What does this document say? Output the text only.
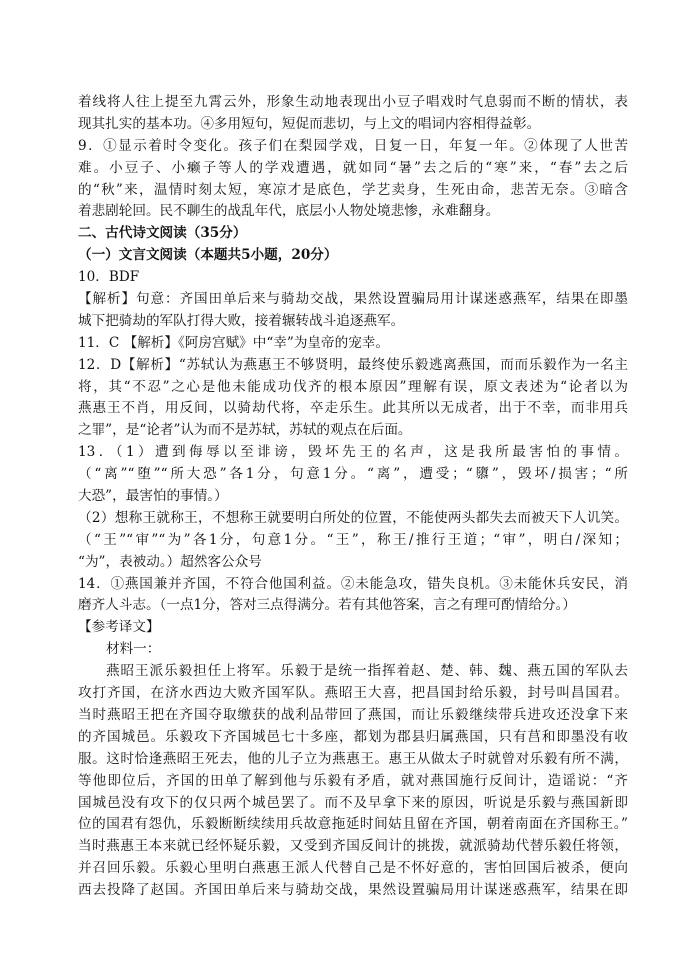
着线将人往上提至九霄云外，形象生动地表现出小豆子唱戏时气息弱而不断的情状，表
现其扎实的基本功。④多用短句，短促而悲切，与上文的唱词内容相得益彰。
9．①显示着时令变化。孩子们在梨园学戏，日复一日，年复一年。②体现了人世苦
难。小豆子、小癞子等人的学戏遭遇，就如同“暑”去之后的“寒”来，“春”去之后
的“秋”来，温情时刻太短，寒凉才是底色，学艺卖身，生死由命，悲苦无奈。③暗含
着悲剧轮回。民不聊生的战乱年代，底层小人物处境悲惨，永难翻身。
二、古代诗文阅读（35分）
（一）文言文阅读（本题共5小题，20分）
10．BDF
【解析】句意：齐国田单后来与骑劫交战，果然设置骗局用计谋迷惑燕军，结果在即墨
城下把骑劫的军队打得大败，接着辗转战斗追逐燕军。
11．C 【解析】《阿房宫赋》中“幸”为皇帝的宠幸。
12．D【解析】“苏轼认为燕惠王不够贤明，最终使乐毅逃离燕国，而而乐毅作为一名主
将，其“不忍”之心是他未能成功伐齐的根本原因”理解有误，原文表述为“论者以为
燕惠王不肖，用反间，以骑劫代将，卒走乐生。此其所以无成者，出于不幸，而非用兵
之罪”，是“论者”认为而不是苏轼，苏轼的观点在后面。
13．（1）遭到侮辱以至诽谤，毁坏先王的名声，这是我所最害怕的事情。
（“离”“堕”“所大恐”各1分，句意1分。“离”，遭受；“隳”，毁坏/损害；“所
大恐”，最害怕的事情。）
（2）想称王就称王，不想称王就要明白所处的位置，不能使两头都失去而被天下人讥笑。
（“王”“审”“为”各1分，句意1分。“王”，称王/推行王道；“审”，明白/深知；
“为”，表被动。）超然客公众号
14．①燕国兼并齐国，不符合他国利益。②未能急攻，错失良机。③未能休兵安民，消
磨齐人斗志。（一点1分，答对三点得满分。若有其他答案，言之有理可酌情给分。）
【参考译文】
材料一：
燕昭王派乐毅担任上将军。乐毅于是统一指挥着赵、楚、韩、魏、燕五国的军队去
攻打齐国，在济水西边大败齐国军队。燕昭王大喜，把昌国封给乐毅，封号叫昌国君。
当时燕昭王把在齐国夺取缴获的战利品带回了燕国，而让乐毅继续带兵进攻还没拿下来
的齐国城邑。乐毅攻下齐国城邑七十多座，都划为郡县归属燕国，只有莒和即墨没有收
服。这时恰逢燕昭王死去，他的儿子立为燕惠王。惠王从做太子时就曾对乐毅有所不满，
等他即位后，齐国的田单了解到他与乐毅有矛盾，就对燕国施行反间计，造谣说：“齐
国城邑没有攻下的仅只两个城邑罢了。而不及早拿下来的原因，听说是乐毅与燕国新即
位的国君有怨仇，乐毅断断续续用兵故意拖延时间姑且留在齐国，朝着南面在齐国称王。”
当时燕惠王本来就已经怀疑乐毅，又受到齐国反间计的挑拨，就派骑劫代替乐毅任将领，
并召回乐毅。乐毅心里明白燕惠王派人代替自己是不怀好意的，害怕回国后被杀，便向
西去投降了赵国。齐国田单后来与骑劫交战，果然设置骗局用计谋迷惑燕军，结果在即
